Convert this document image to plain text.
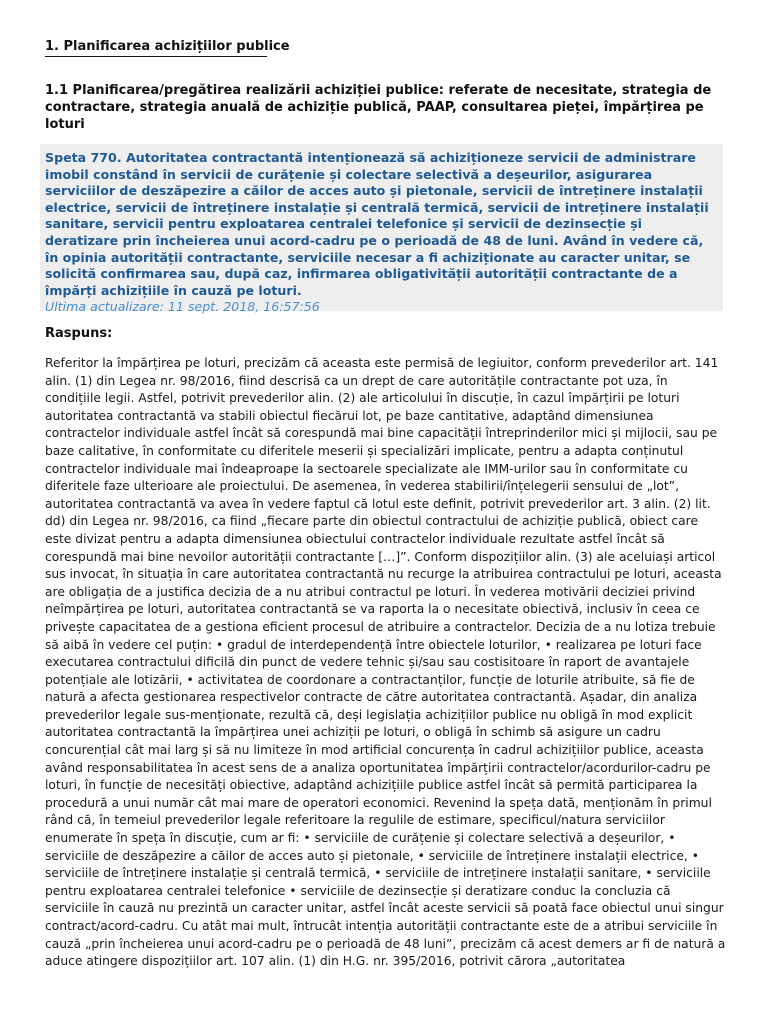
1. Planificarea achizițiilor publice
1.1 Planificarea/pregătirea realizării achiziției publice: referate de necesitate, strategia de contractare, strategia anuală de achiziție publică, PAAP, consultarea pieței, împărțirea pe loturi

Speta 770. Autoritatea contractantă intenționează să achiziționeze servicii de administrare imobil constând în servicii de curățenie și colectare selectivă a deșeurilor, asigurarea serviciilor de deszăpezire a căilor de acces auto și pietonale, servicii de întreținere instalații electrice, servicii de întreținere instalație și centrală termică, servicii de intreținere instalații sanitare, servicii pentru exploatarea centralei telefonice și servicii de dezinsecție și deratizare prin încheierea unui acord-cadru pe o perioadă de 48 de luni. Având în vedere că, în opinia autorității contractante, serviciile necesar a fi achiziționate au caracter unitar, se solicită confirmarea sau, după caz, infirmarea obligativității autorității contractante de a împărți achizițiile în cauză pe loturi.

Ultima actualizare: 11 sept. 2018, 16:57:56

Raspuns:

Referitor la împărțirea pe loturi, precizăm că aceasta este permisă de legiuitor, conform prevederilor art. 141 alin. (1) din Legea nr. 98/2016, fiind descrisă ca un drept de care autoritățile contractante pot uza, în condițiile legii. Astfel, potrivit prevederilor alin. (2) ale articolului în discuție, în cazul împărțirii pe loturi autoritatea contractantă va stabili obiectul fiecărui lot, pe baze cantitative, adaptând dimensiunea contractelor individuale astfel încât să corespundă mai bine capacității întreprinderilor mici și mijlocii, sau pe baze calitative, în conformitate cu diferitele meserii și specializări implicate, pentru a adapta conținutul contractelor individuale mai îndeaproape la sectoarele specializate ale IMM-urilor sau în conformitate cu diferitele faze ulterioare ale proiectului. De asemenea, în vederea stabilirii/înțelegerii sensului de „lot”, autoritatea contractantă va avea în vedere faptul că lotul este definit, potrivit prevederilor art. 3 alin. (2) lit. dd) din Legea nr. 98/2016, ca fiind „fiecare parte din obiectul contractului de achiziție publică, obiect care este divizat pentru a adapta dimensiunea obiectului contractelor individuale rezultate astfel încât să corespundă mai bine nevoilor autorității contractante […]”. Conform dispozițiilor alin. (3) ale aceluiași articol sus invocat, în situația în care autoritatea contractantă nu recurge la atribuirea contractului pe loturi, aceasta are obligația de a justifica decizia de a nu atribui contractul pe loturi. În vederea motivării deciziei privind neîmpărțirea pe loturi, autoritatea contractantă se va raporta la o necesitate obiectivă, inclusiv în ceea ce privește capacitatea de a gestiona eficient procesul de atribuire a contractelor. Decizia de a nu lotiza trebuie să aibă în vedere cel puțin: • gradul de interdependență între obiectele loturilor, • realizarea pe loturi face executarea contractului dificilă din punct de vedere tehnic și/sau sau costisitoare în raport de avantajele potențiale ale lotizării, • activitatea de coordonare a contractanților, funcție de loturile atribuite, să fie de natură a afecta gestionarea respectivelor contracte de către autoritatea contractantă. Așadar, din analiza prevederilor legale sus-menționate, rezultă că, deși legislația achizițiilor publice nu obligă în mod explicit autoritatea contractantă la împărțirea unei achiziții pe loturi, o obligă în schimb să asigure un cadru concurențial cât mai larg și să nu limiteze în mod artificial concurența în cadrul achizițiilor publice, aceasta având responsabilitatea în acest sens de a analiza oportunitatea împărțirii contractelor/acordurilor-cadru pe loturi, în funcție de necesități obiective, adaptând achizițiile publice astfel încât să permită participarea la procedură a unui număr cât mai mare de operatori economici. Revenind la speța dată, menționăm în primul rând că, în temeiul prevederilor legale referitoare la regulile de estimare, specificul/natura serviciilor enumerate în speța în discuție, cum ar fi: • serviciile de curățenie și colectare selectivă a deșeurilor, • serviciile de deszăpezire a căilor de acces auto și pietonale, • serviciile de întreținere instalații electrice, • serviciile de întreținere instalație și centrală termică, • serviciile de intreținere instalații sanitare, • serviciile pentru exploatarea centralei telefonice • serviciile de dezinsecție și deratizare conduc la concluzia că serviciile în cauză nu prezintă un caracter unitar, astfel încât aceste servicii să poată face obiectul unui singur contract/acord-cadru. Cu atât mai mult, întrucât intenția autorității contractante este de a atribui serviciile în cauză „prin încheierea unui acord-cadru pe o perioadă de 48 luni”, precizăm că acest demers ar fi de natură a aduce atingere dispozițiilor art. 107 alin. (1) din H.G. nr. 395/2016, potrivit cărora „autoritatea
